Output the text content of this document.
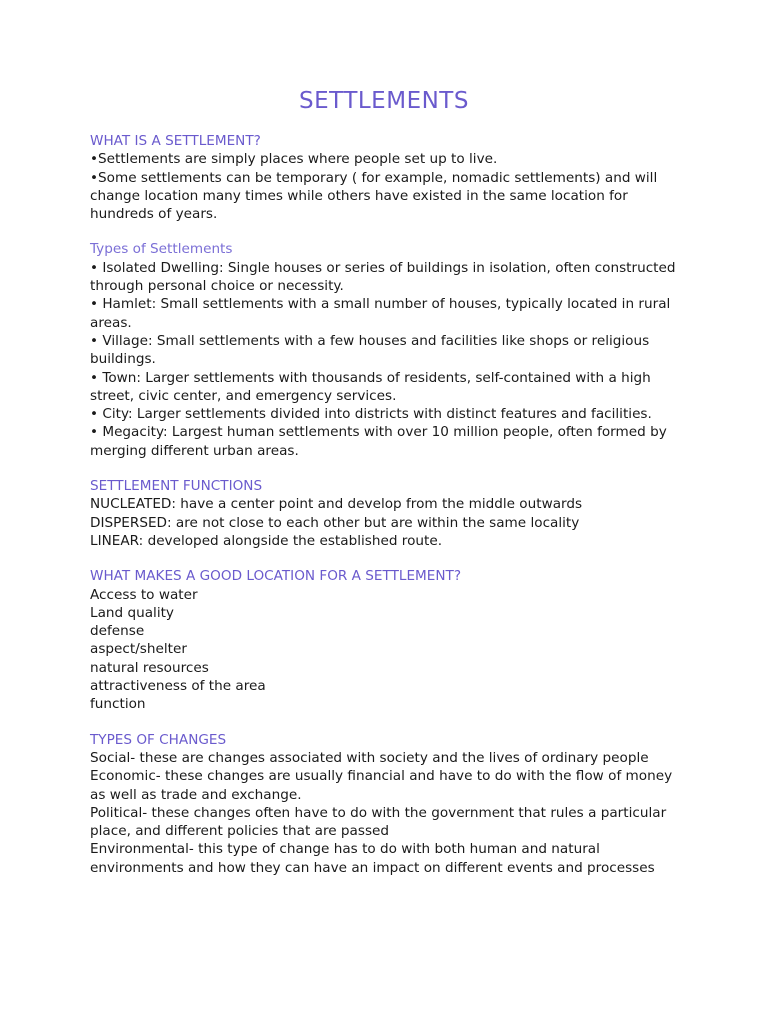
SETTLEMENTS

WHAT IS A SETTLEMENT?

•Settlements are simply places where people set up to live.

•Some settlements can be temporary ( for example, nomadic settlements) and will change location many times while others have existed in the same location for hundreds of years.

Types of Settlements

• Isolated Dwelling: Single houses or series of buildings in isolation, often constructed through personal choice or necessity.

• Hamlet: Small settlements with a small number of houses, typically located in rural areas.

• Village: Small settlements with a few houses and facilities like shops or religious buildings.

• Town: Larger settlements with thousands of residents, self-contained with a high street, civic center, and emergency services.

• City: Larger settlements divided into districts with distinct features and facilities.

• Megacity: Largest human settlements with over 10 million people, often formed by merging different urban areas.

SETTLEMENT FUNCTIONS

NUCLEATED: have a center point and develop from the middle outwards

DISPERSED: are not close to each other but are within the same locality

LINEAR: developed alongside the established route.

WHAT MAKES A GOOD LOCATION FOR A SETTLEMENT?

Access to water

Land quality

defense

aspect/shelter

natural resources

attractiveness of the area

function

TYPES OF CHANGES

Social- these are changes associated with society and the lives of ordinary people

Economic- these changes are usually financial and have to do with the flow of money as well as trade and exchange.

Political- these changes often have to do with the government that rules a particular place, and different policies that are passed

Environmental- this type of change has to do with both human and natural environments and how they can have an impact on different events and processes
